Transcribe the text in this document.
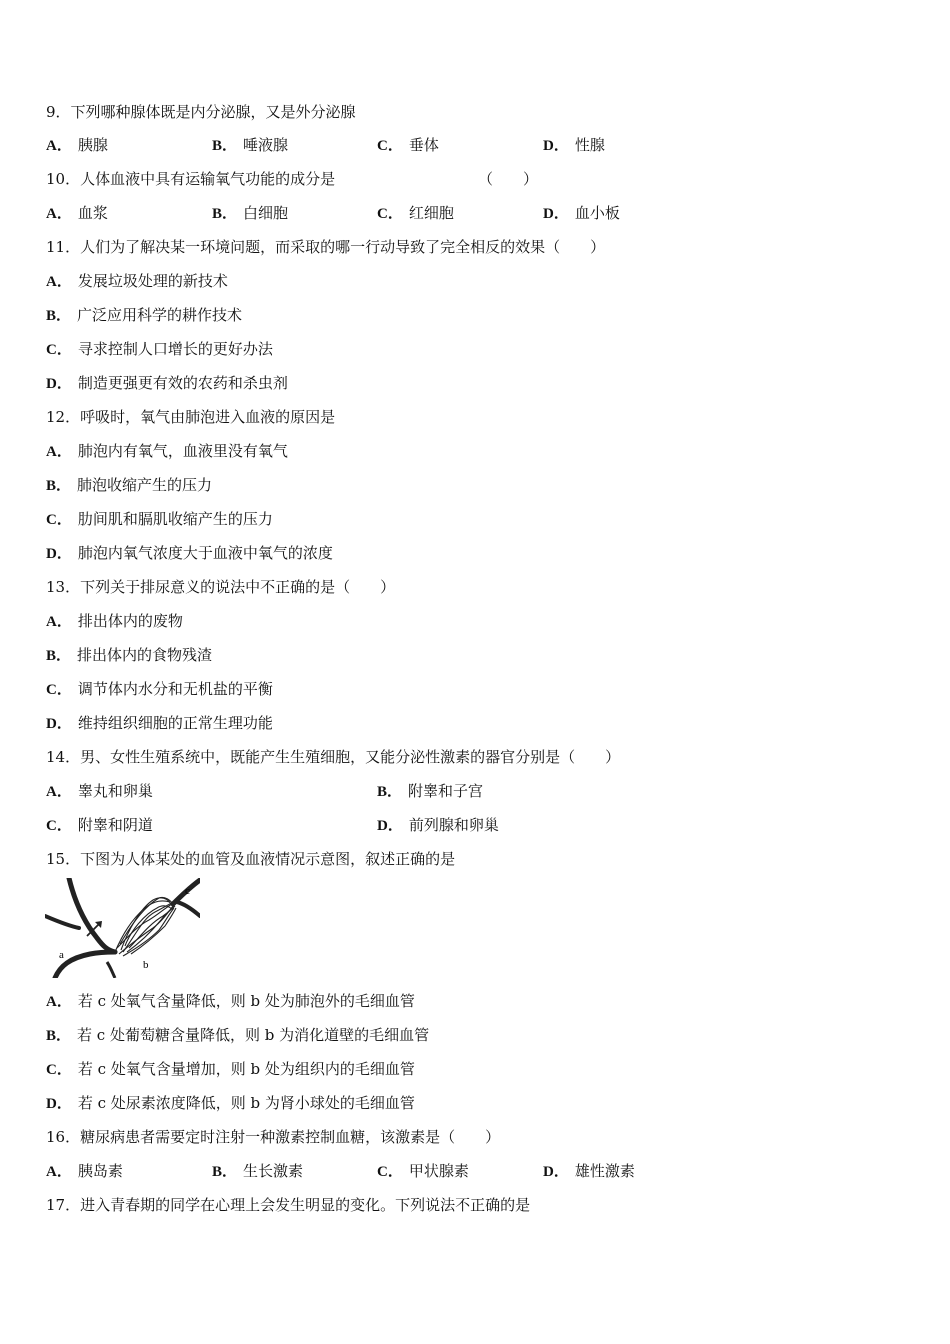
9．下列哪种腺体既是内分泌腺，又是外分泌腺
A． 胰腺	B． 唾液腺	C． 垂体	D． 性腺
10．人体血液中具有运输氧气功能的成分是	（　　）
A． 血浆	B． 白细胞	C． 红细胞	D． 血小板
11．人们为了解决某一环境问题，而采取的哪一行动导致了完全相反的效果（　　）
A． 发展垃圾处理的新技术
B． 广泛应用科学的耕作技术
C． 寻求控制人口增长的更好办法
D． 制造更强更有效的农药和杀虫剂
12．呼吸时，氧气由肺泡进入血液的原因是
A． 肺泡内有氧气，血液里没有氧气
B． 肺泡收缩产生的压力
C． 肋间肌和膈肌收缩产生的压力
D． 肺泡内氧气浓度大于血液中氧气的浓度
13．下列关于排尿意义的说法中不正确的是（　　）
A． 排出体内的废物
B． 排出体内的食物残渣
C． 调节体内水分和无机盐的平衡
D． 维持组织细胞的正常生理功能
14．男、女性生殖系统中，既能产生生殖细胞，又能分泌性激素的器官分别是（　　）
A． 睾丸和卵巢	B． 附睾和子宫
C． 附睾和阴道	D． 前列腺和卵巢
15．下图为人体某处的血管及血液情况示意图，叙述正确的是
a
b
c
A． 若 c 处氧气含量降低，则 b 处为肺泡外的毛细血管
B． 若 c 处葡萄糖含量降低，则 b 为消化道壁的毛细血管
C． 若 c 处氧气含量增加，则 b 处为组织内的毛细血管
D． 若 c 处尿素浓度降低，则 b 为肾小球处的毛细血管
16．糖尿病患者需要定时注射一种激素控制血糖，该激素是（　　）
A． 胰岛素	B． 生长激素	C． 甲状腺素	D． 雄性激素
17．进入青春期的同学在心理上会发生明显的变化。下列说法不正确的是
